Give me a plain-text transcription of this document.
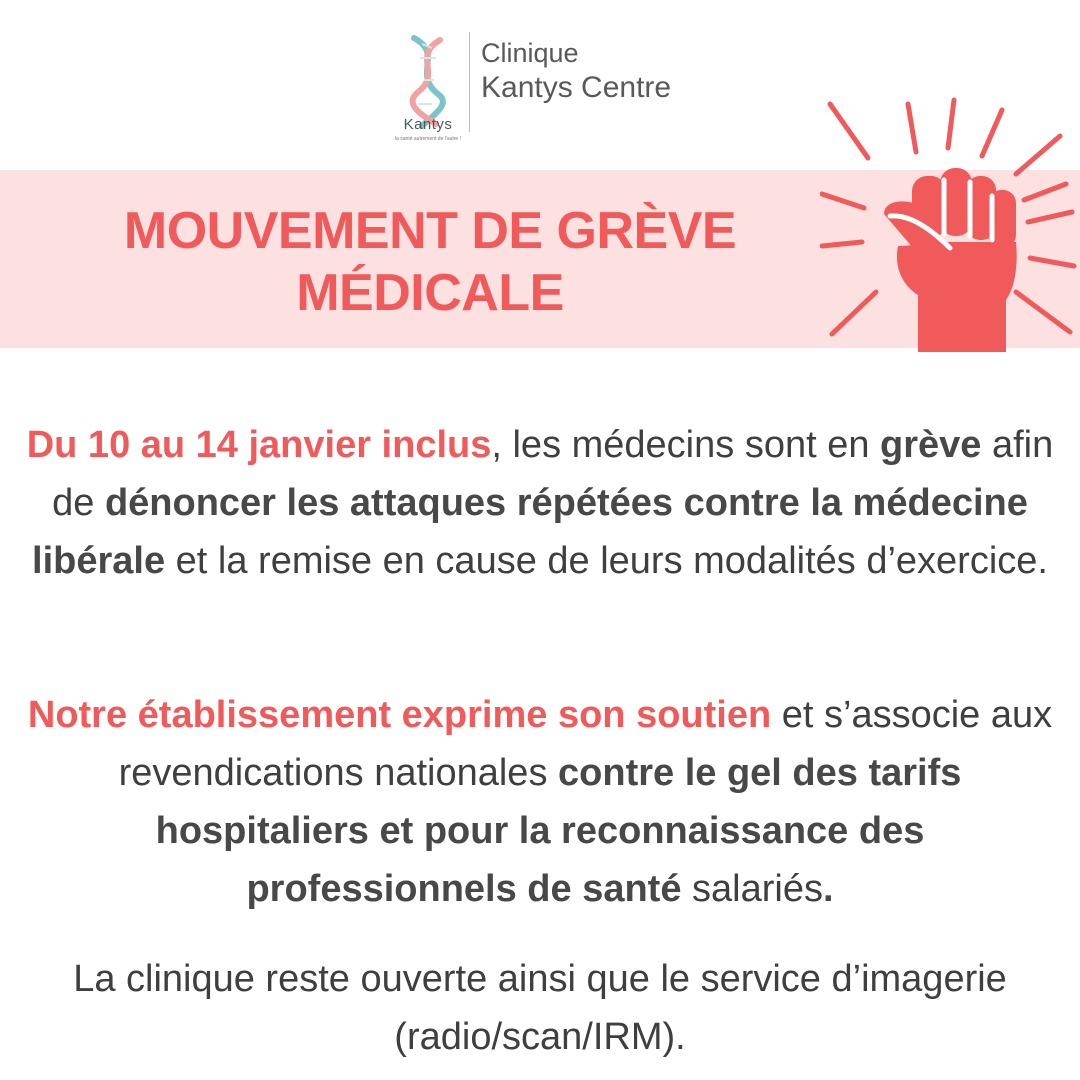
Kantys
la santé autrement de l'autre !
Clinique
Kantys Centre
MOUVEMENT DE GRÈVE
MÉDICALE
Du 10 au 14 janvier inclus, les médecins sont en grève afin de dénoncer les attaques répétées contre la médecine libérale et la remise en cause de leurs modalités d’exercice.
Notre établissement exprime son soutien et s’associe aux revendications nationales contre le gel des tarifs hospitaliers et pour la reconnaissance des professionnels de santé salariés.
La clinique reste ouverte ainsi que le service d’imagerie (radio/scan/IRM).
